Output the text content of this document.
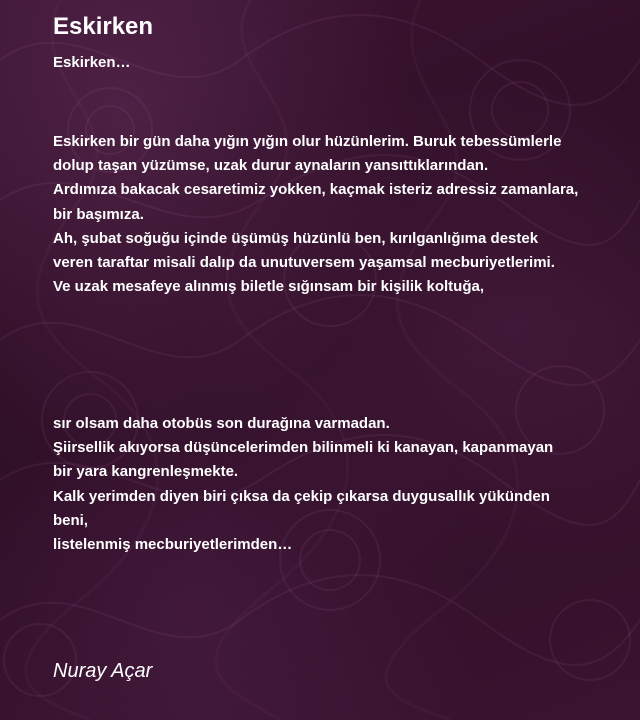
Eskirken
Eskirken…
Eskirken bir gün daha yığın yığın olur hüzünlerim. Buruk tebessümlerle
dolup taşan yüzümse, uzak durur aynaların yansıttıklarından.
Ardımıza bakacak cesaretimiz yokken, kaçmak isteriz adressiz zamanlara,
bir başımıza.
Ah, şubat soğuğu içinde üşümüş hüzünlü ben, kırılganlığıma destek
veren taraftar misali dalıp da unutuversem yaşamsal mecburiyetlerimi.
Ve uzak mesafeye alınmış biletle sığınsam bir kişilik koltuğa,
sır olsam daha otobüs son durağına varmadan.
Şiirsellik akıyorsa düşüncelerimden bilinmeli ki kanayan, kapanmayan
bir yara kangrenleşmekte.
Kalk yerimden diyen biri çıksa da çekip çıkarsa duygusallık yükünden
beni,
listelenmiş mecburiyetlerimden…
Nuray Açar
